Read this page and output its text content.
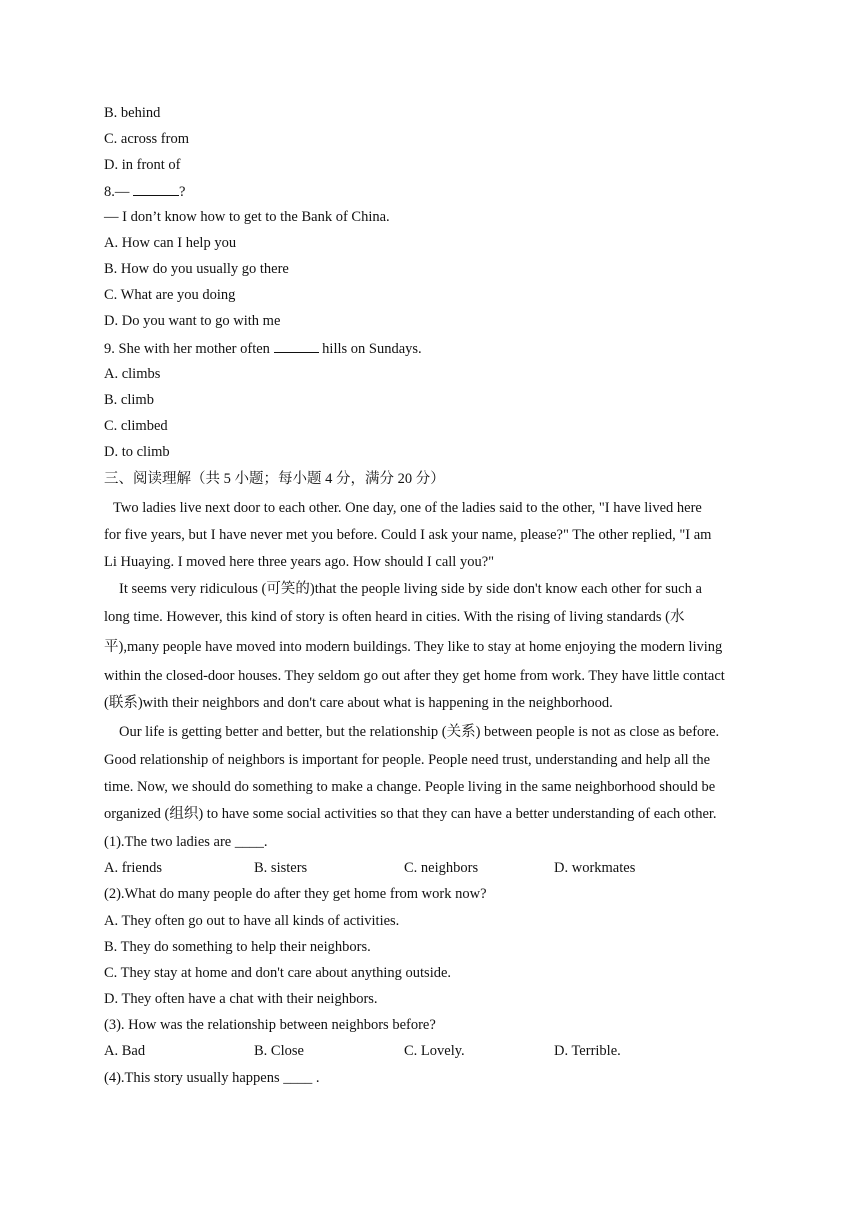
B. behind
C. across from
D. in front of
8.—	?
— I don’t know how to get to the Bank of China.
A. How can I help you
B. How do you usually go there
C. What are you doing
D. Do you want to go with me
9. She with her mother often	hills on Sundays.
A. climbs
B. climb
C. climbed
D. to climb
三、阅读理解（共 5 小题；每小题 4 分，满分 20 分）
Two ladies live next door to each other. One day, one of the ladies said to the other, "I have lived here
for five years, but I have never met you before. Could I ask your name, please?" The other replied, "I am
Li Huaying. I moved here three years ago. How should I call you?"
It seems very ridiculous (可笑的)that the people living side by side don't know each other for such a
long time. However, this kind of story is often heard in cities. With the rising of living standards (水
平),many people have moved into modern buildings. They like to stay at home enjoying the modern living
within the closed-door houses. They seldom go out after they get home from work. They have little contact
(联系)with their neighbors and don't care about what is happening in the neighborhood.
Our life is getting better and better, but the relationship (关系) between people is not as close as before.
Good relationship of neighbors is important for people. People need trust, understanding and help all the
time. Now, we should do something to make a change. People living in the same neighborhood should be
organized (组织) to have some social activities so that they can have a better understanding of each other.
(1).The two ladies are ____.
A. friends	B. sisters	C. neighbors	D. workmates
(2).What do many people do after they get home from work now?
A. They often go out to have all kinds of activities.
B. They do something to help their neighbors.
C. They stay at home and don't care about anything outside.
D. They often have a chat with their neighbors.
(3). How was the relationship between neighbors before?
A. Bad	B. Close	C. Lovely.	D. Terrible.
(4).This story usually happens ____ .
